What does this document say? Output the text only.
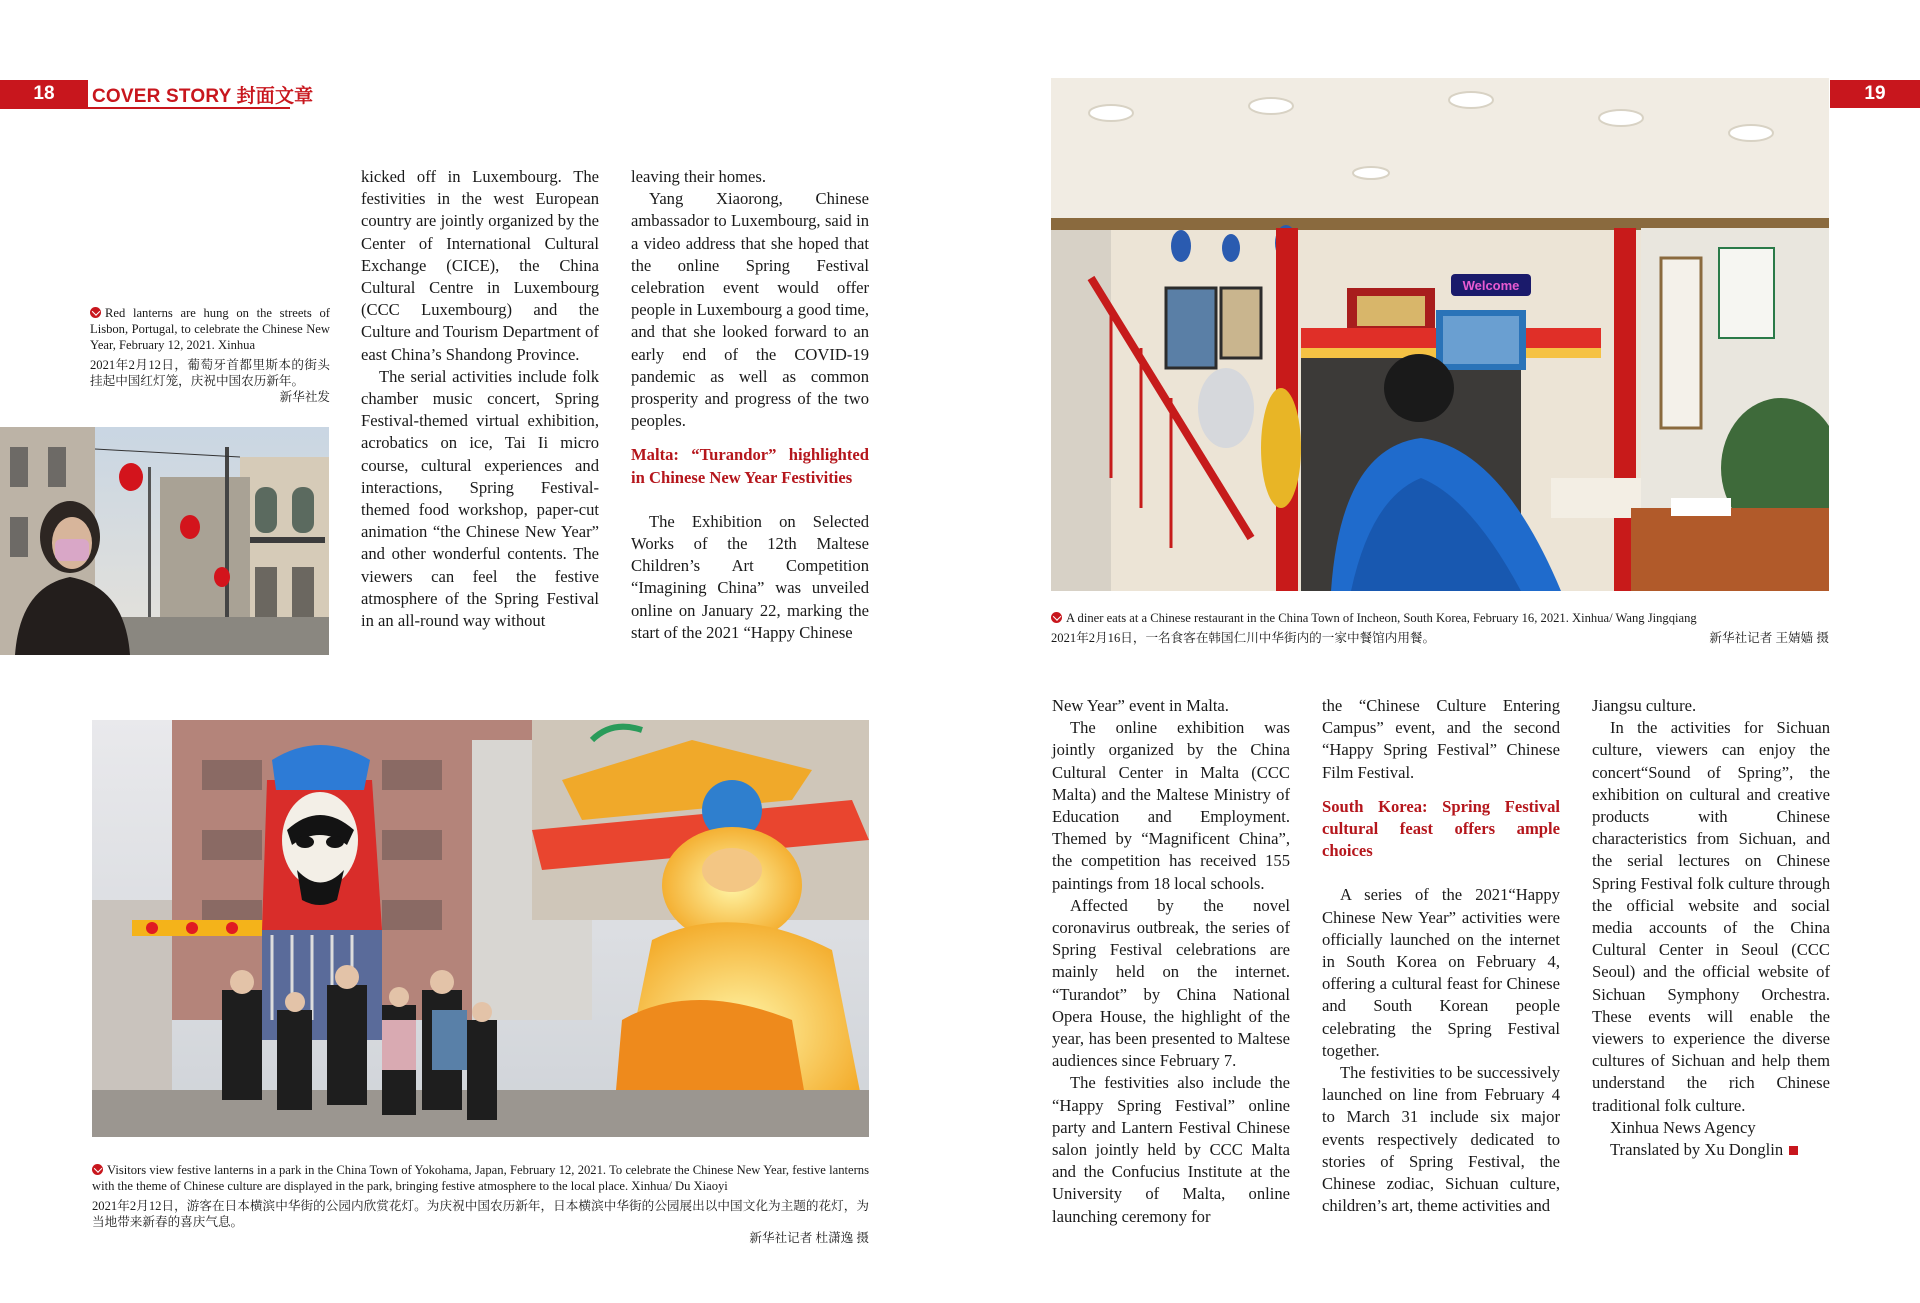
18	COVER STORY 封面文章	19

Red lanterns are hung on the streets of Lisbon, Portugal, to celebrate the Chinese New Year, February 12, 2021. Xinhua

2021年2月12日，葡萄牙首都里斯本的街头挂起中国红灯笼，庆祝中国农历新年。

新华社发

kicked off in Luxembourg. The festivities in the west European country are jointly organized by the Center of International Cultural Exchange (CICE), the China Cultural Centre in Luxembourg (CCC Luxembourg) and the Culture and Tourism Department of east China’s Shandong Province.

The serial activities include folk chamber music concert, Spring Festival-themed virtual exhibition, acrobatics on ice, Tai Ii micro course, cultural experiences and interactions, Spring Festival-themed food workshop, paper-cut animation “the Chinese New Year” and other wonderful contents. The viewers can feel the festive atmosphere of the Spring Festival in an all-round way without

leaving their homes.

Yang Xiaorong, Chinese ambassador to Luxembourg, said in a video address that she hoped that the online Spring Festival celebration event would offer people in Luxembourg a good time, and that she looked forward to an early end of the COVID-19 pandemic as well as common prosperity and progress of the two peoples.

Malta: “Turandor” highlighted in Chinese New Year Festivities

The Exhibition on Selected Works of the 12th Maltese Children’s Art Competition “Imagining China” was unveiled online on January 22, marking the start of the 2021 “Happy Chinese

Visitors view festive lanterns in a park in the China Town of Yokohama, Japan, February 12, 2021. To celebrate the Chinese New Year, festive lanterns with the theme of Chinese culture are displayed in the park, bringing festive atmosphere to the local place. Xinhua/ Du Xiaoyi

2021年2月12日，游客在日本横滨中华街的公园内欣赏花灯。为庆祝中国农历新年，日本横滨中华街的公园展出以中国文化为主题的花灯，为当地带来新春的喜庆气息。

新华社记者 杜潇逸 摄

Welcome

A diner eats at a Chinese restaurant in the China Town of Incheon, South Korea, February 16, 2021. Xinhua/ Wang Jingqiang

2021年2月16日，一名食客在韩国仁川中华街内的一家中餐馆内用餐。	新华社记者 王婧嫱 摄

New Year” event in Malta.

The online exhibition was jointly organized by the China Cultural Center in Malta (CCC Malta) and the Maltese Ministry of Education and Employment. Themed by “Magnificent China”, the competition has received 155 paintings from 18 local schools.

Affected by the novel coronavirus outbreak, the series of Spring Festival celebrations are mainly held on the internet. “Turandot” by China National Opera House, the highlight of the year, has been presented to Maltese audiences since February 7.

The festivities also include the “Happy Spring Festival” online party and Lantern Festival Chinese salon jointly held by CCC Malta and the Confucius Institute at the University of Malta, online launching ceremony for

the “Chinese Culture Entering Campus” event, and the second “Happy Spring Festival” Chinese Film Festival.

South Korea: Spring Festival cultural feast offers ample choices

A series of the 2021“Happy Chinese New Year” activities were officially launched on the internet in South Korea on February 4, offering a cultural feast for Chinese and South Korean people celebrating the Spring Festival together.

The festivities to be successively launched on line from February 4 to March 31 include six major events respectively dedicated to stories of Spring Festival, the Chinese zodiac, Sichuan culture, children’s art, theme activities and

Jiangsu culture.

In the activities for Sichuan culture, viewers can enjoy the concert“Sound of Spring”, the exhibition on cultural and creative products with Chinese characteristics from Sichuan, and the serial lectures on Chinese Spring Festival folk culture through the official website and social media accounts of the China Cultural Center in Seoul (CCC Seoul) and the official website of Sichuan Symphony Orchestra. These events will enable the viewers to experience the diverse cultures of Sichuan and help them understand the rich Chinese traditional folk culture.

Xinhua News Agency

Translated by Xu Donglin
